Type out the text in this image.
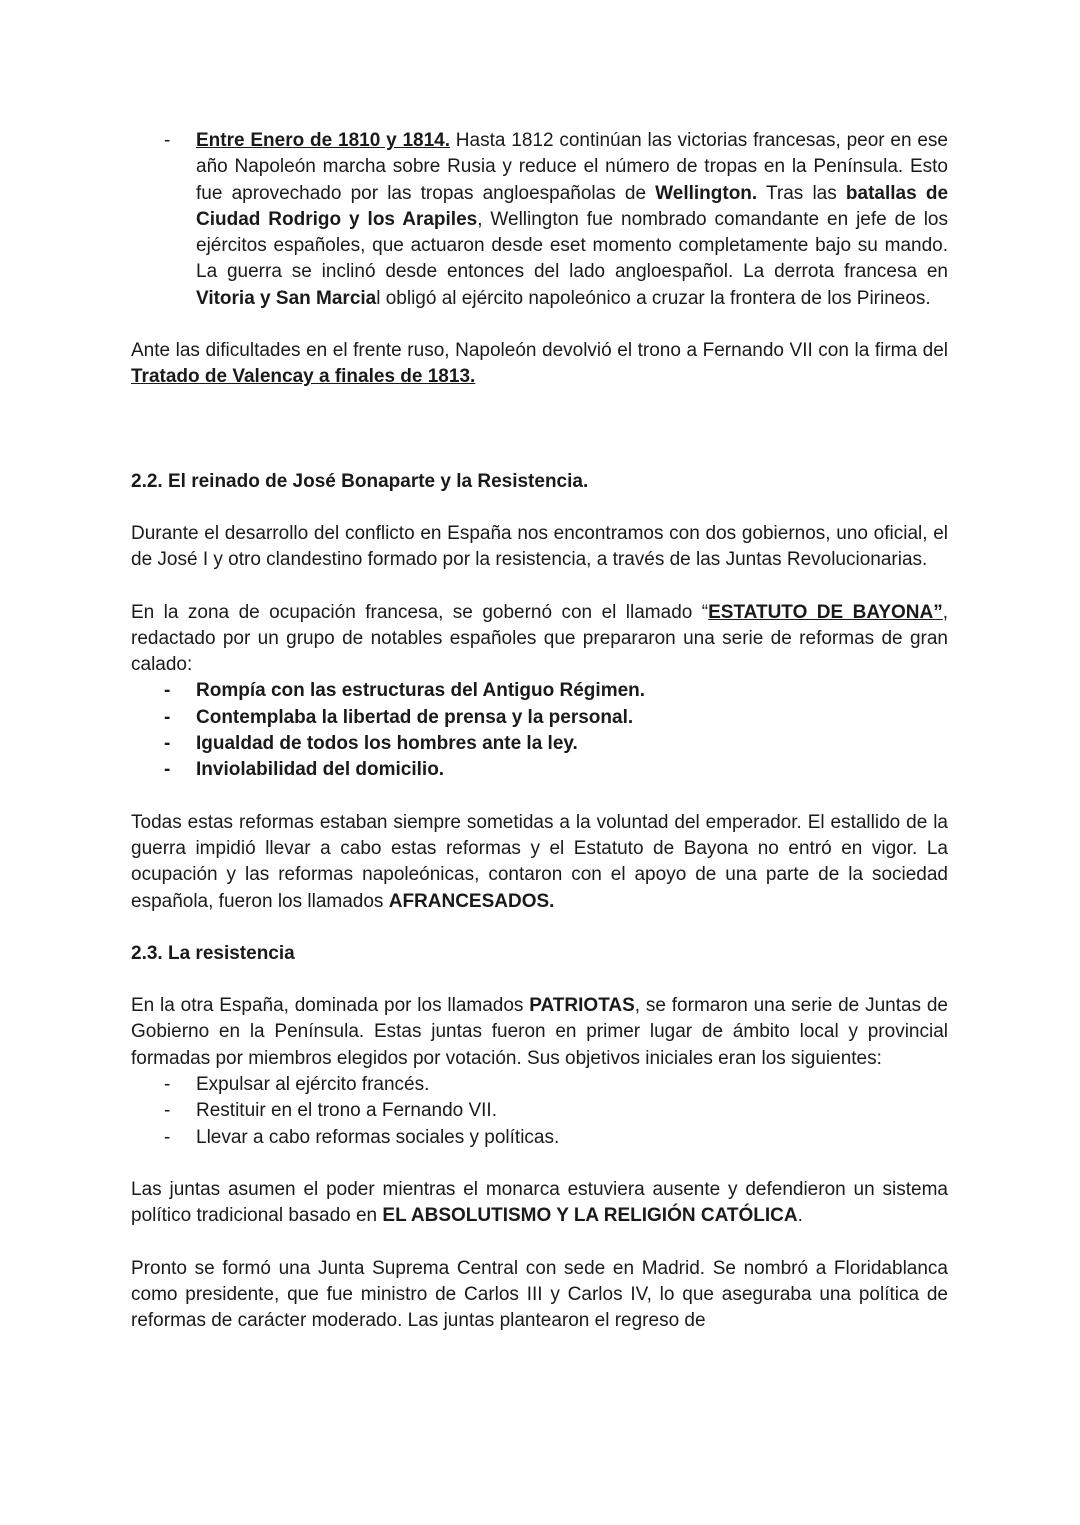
- Entre Enero de 1810 y 1814. Hasta 1812 continúan las victorias francesas, peor en ese año Napoleón marcha sobre Rusia y reduce el número de tropas en la Península. Esto fue aprovechado por las tropas angloespañolas de Wellington. Tras las batallas de Ciudad Rodrigo y los Arapiles, Wellington fue nombrado comandante en jefe de los ejércitos españoles, que actuaron desde eset momento completamente bajo su mando. La guerra se inclinó desde entonces del lado angloespañol. La derrota francesa en Vitoria y San Marcial obligó al ejército napoleónico a cruzar la frontera de los Pirineos.

Ante las dificultades en el frente ruso, Napoleón devolvió el trono a Fernando VII con la firma del Tratado de Valencay a finales de 1813.

2.2. El reinado de José Bonaparte y la Resistencia.

Durante el desarrollo del conflicto en España nos encontramos con dos gobiernos, uno oficial, el de José I y otro clandestino formado por la resistencia, a través de las Juntas Revolucionarias.

En la zona de ocupación francesa, se gobernó con el llamado “ESTATUTO DE BAYONA”, redactado por un grupo de notables españoles que prepararon una serie de reformas de gran calado:

- Rompía con las estructuras del Antiguo Régimen.
- Contemplaba la libertad de prensa y la personal.
- Igualdad de todos los hombres ante la ley.
- Inviolabilidad del domicilio.

Todas estas reformas estaban siempre sometidas a la voluntad del emperador. El estallido de la guerra impidió llevar a cabo estas reformas y el Estatuto de Bayona no entró en vigor. La ocupación y las reformas napoleónicas, contaron con el apoyo de una parte de la sociedad española, fueron los llamados AFRANCESADOS.

2.3. La resistencia

En la otra España, dominada por los llamados PATRIOTAS, se formaron una serie de Juntas de Gobierno en la Península. Estas juntas fueron en primer lugar de ámbito local y provincial formadas por miembros elegidos por votación. Sus objetivos iniciales eran los siguientes:

- Expulsar al ejército francés.
- Restituir en el trono a Fernando VII.
- Llevar a cabo reformas sociales y políticas.

Las juntas asumen el poder mientras el monarca estuviera ausente y defendieron un sistema político tradicional basado en EL ABSOLUTISMO Y LA RELIGIÓN CATÓLICA.

Pronto se formó una Junta Suprema Central con sede en Madrid. Se nombró a Floridablanca como presidente, que fue ministro de Carlos III y Carlos IV, lo que aseguraba una política de reformas de carácter moderado. Las juntas plantearon el regreso de
